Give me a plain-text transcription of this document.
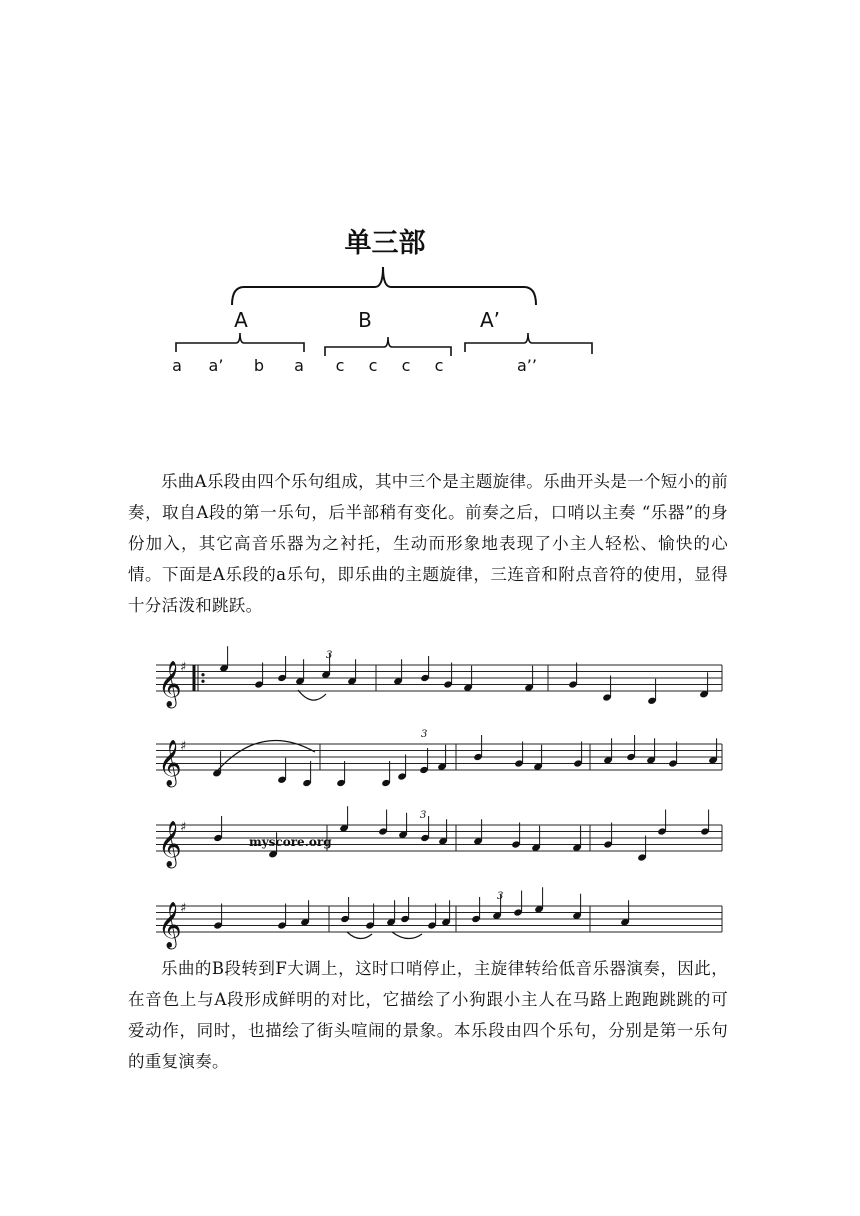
单三部
A	B	A’
a a’ b a c c c c	a’’

乐曲A乐段由四个乐句组成，其中三个是主题旋律。乐曲开头是一个短小的前奏，取自A段的第一乐句，后半部稍有变化。前奏之后，口哨以主奏 “乐器”的身份加入，其它高音乐器为之衬托，生动而形象地表现了小主人轻松、愉快的心情。下面是A乐段的a乐句，即乐曲的主题旋律，三连音和附点音符的使用，显得十分活泼和跳跃。

𝄞
♯
𝄞
♯
𝄞
♯
𝄞
♯
myscore.org
3
3
3
3

乐曲的B段转到F大调上，这时口哨停止，主旋律转给低音乐器演奏，因此，在音色上与A段形成鲜明的对比，它描绘了小狗跟小主人在马路上跑跑跳跳的可爱动作，同时，也描绘了街头喧闹的景象。本乐段由四个乐句，分别是第一乐句的重复演奏。
